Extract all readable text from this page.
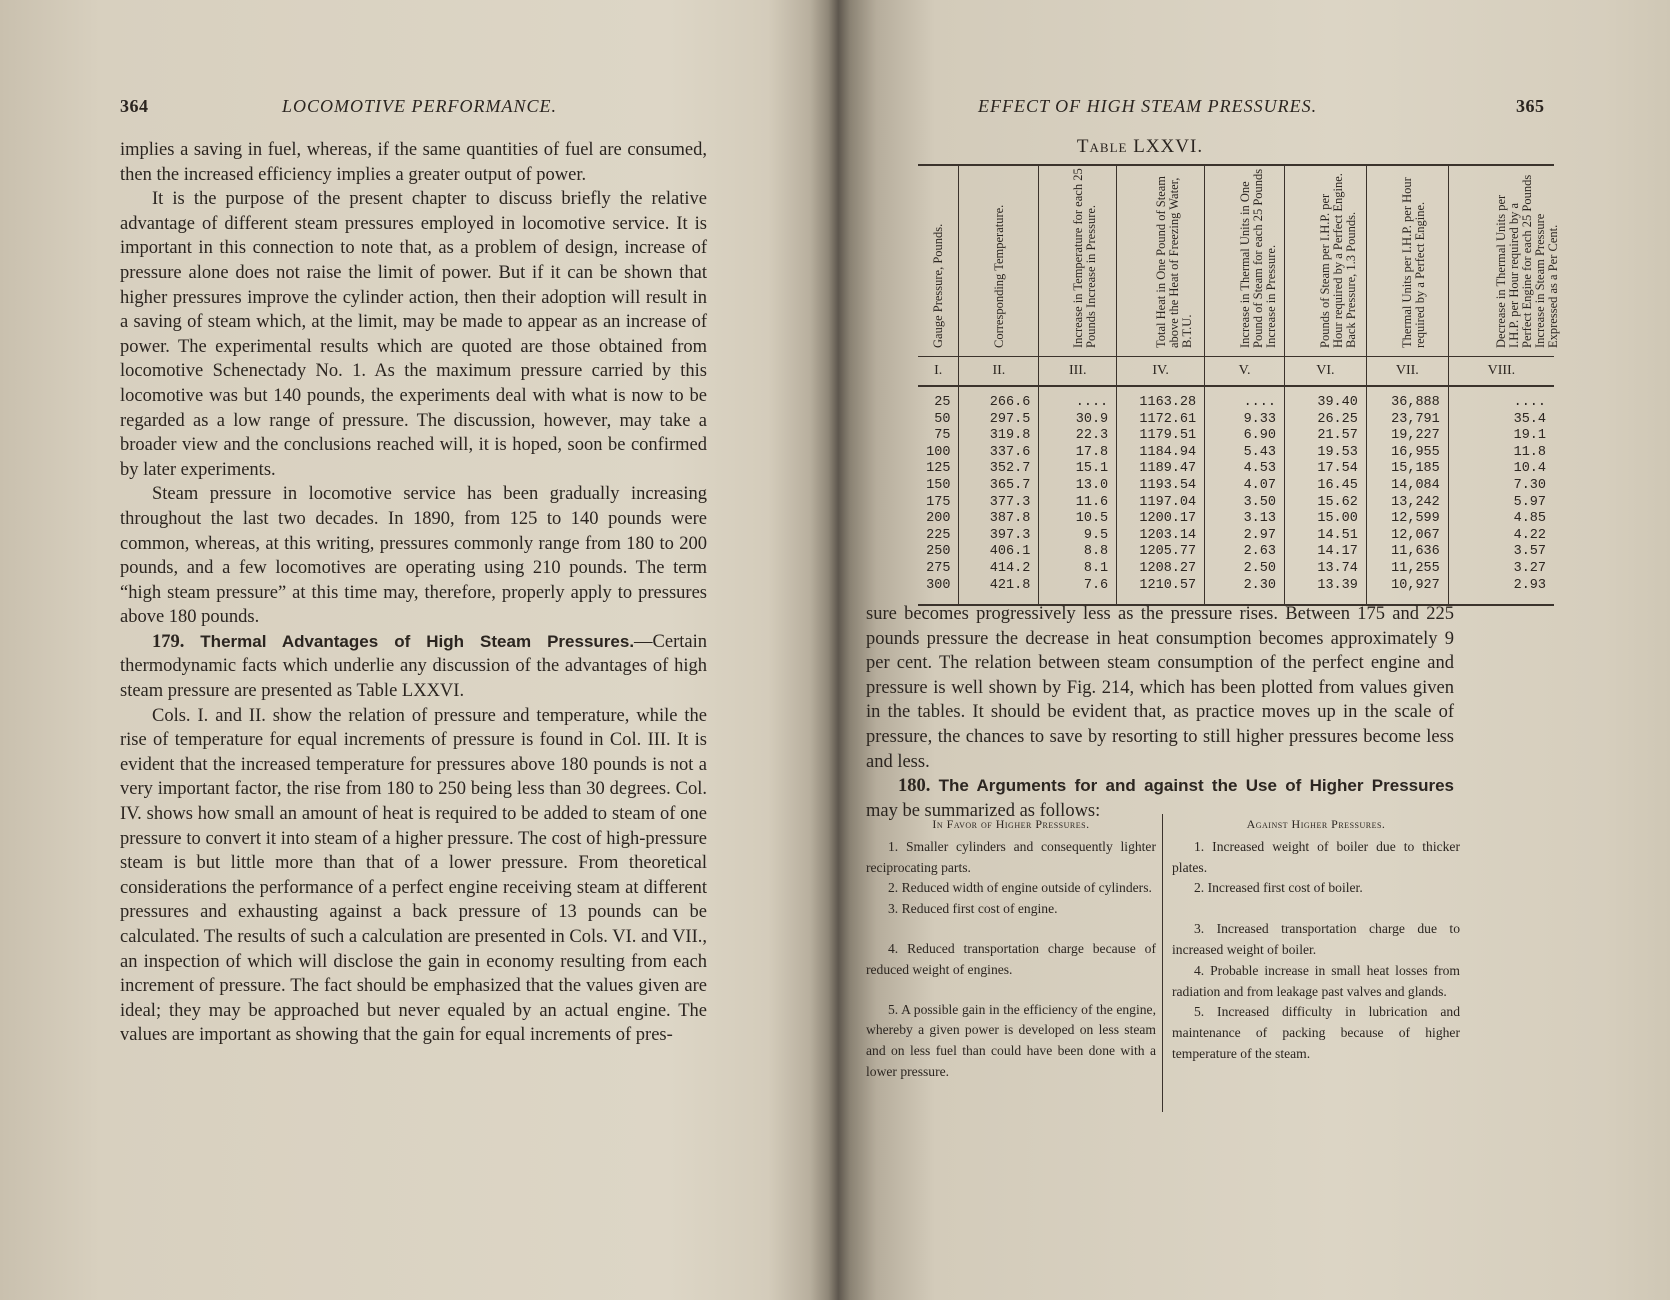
364	LOCOMOTIVE PERFORMANCE.

implies a saving in fuel, whereas, if the same quantities of fuel are consumed, then the increased efficiency implies a greater output of power.

It is the purpose of the present chapter to discuss briefly the relative advantage of different steam pressures employed in locomotive service. It is important in this connection to note that, as a problem of design, increase of pressure alone does not raise the limit of power. But if it can be shown that higher pressures improve the cylinder action, then their adoption will result in a saving of steam which, at the limit, may be made to appear as an increase of power. The experimental results which are quoted are those obtained from locomotive Schenectady No. 1. As the maximum pressure carried by this locomotive was but 140 pounds, the experiments deal with what is now to be regarded as a low range of pressure. The discussion, however, may take a broader view and the conclusions reached will, it is hoped, soon be confirmed by later experiments.

Steam pressure in locomotive service has been gradually increasing throughout the last two decades. In 1890, from 125 to 140 pounds were common, whereas, at this writing, pressures commonly range from 180 to 200 pounds, and a few locomotives are operating using 210 pounds. The term “high steam pressure” at this time may, therefore, properly apply to pressures above 180 pounds.

179. Thermal Advantages of High Steam Pressures.—Certain thermodynamic facts which underlie any discussion of the advantages of high steam pressure are presented as Table LXXVI.

Cols. I. and II. show the relation of pressure and temperature, while the rise of temperature for equal increments of pressure is found in Col. III. It is evident that the increased temperature for pressures above 180 pounds is not a very important factor, the rise from 180 to 250 being less than 30 degrees. Col. IV. shows how small an amount of heat is required to be added to steam of one pressure to convert it into steam of a higher pressure. The cost of high-pressure steam is but little more than that of a lower pressure. From theoretical considerations the performance of a perfect engine receiving steam at different pressures and exhausting against a back pressure of 13 pounds can be calculated. The results of such a calculation are presented in Cols. VI. and VII., an inspection of which will disclose the gain in economy resulting from each increment of pressure. The fact should be emphasized that the values given are ideal; they may be approached but never equaled by an actual engine. The values are important as showing that the gain for equal increments of pres-

EFFECT OF HIGH STEAM PRESSURES.	365
Table LXXVI.
Gauge Pressure, Pounds.	Corresponding Temperature.	Increase in Temperature for each 25 Pounds Increase in Pressure.	Total Heat in One Pound of Steam above the Heat of Freezing Water, B.T.U.	Increase in Thermal Units in One Pound of Steam for each 25 Pounds Increase in Pressure.	Pounds of Steam per I.H.P. per Hour required by a Perfect Engine. Back Pressure, 1.3 Pounds.	Thermal Units per I.H.P. per Hour required by a Perfect Engine.	Decrease in Thermal Units per I.H.P. per Hour required by a Perfect Engine for each 25 Pounds Increase in Steam Pressure Expressed as a Per Cent.

I.	II.	III.	IV.	V.	VI.	VII.	VIII.
25	266.6	....	1163.28	....	39.40	36,888	....
50	297.5	30.9	1172.61	9.33	26.25	23,791	35.4
75	319.8	22.3	1179.51	6.90	21.57	19,227	19.1
100	337.6	17.8	1184.94	5.43	19.53	16,955	11.8
125	352.7	15.1	1189.47	4.53	17.54	15,185	10.4
150	365.7	13.0	1193.54	4.07	16.45	14,084	7.30
175	377.3	11.6	1197.04	3.50	15.62	13,242	5.97
200	387.8	10.5	1200.17	3.13	15.00	12,599	4.85
225	397.3	9.5	1203.14	2.97	14.51	12,067	4.22
250	406.1	8.8	1205.77	2.63	14.17	11,636	3.57
275	414.2	8.1	1208.27	2.50	13.74	11,255	3.27
300	421.8	7.6	1210.57	2.30	13.39	10,927	2.93

sure becomes progressively less as the pressure rises. Between 175 and 225 pounds pressure the decrease in heat consumption becomes approximately 9 per cent. The relation between steam consumption of the perfect engine and pressure is well shown by Fig. 214, which has been plotted from values given in the tables. It should be evident that, as practice moves up in the scale of pressure, the chances to save by resorting to still higher pressures become less and less.

180. The Arguments for and against the Use of Higher Pressures may be summarized as follows:

In Favor of Higher Pressures.

1. Smaller cylinders and consequently lighter reciprocating parts.

2. Reduced width of engine outside of cylinders.

3. Reduced first cost of engine.

4. Reduced transportation charge because of reduced weight of engines.

5. A possible gain in the efficiency of the engine, whereby a given power is developed on less steam and on less fuel than could have been done with a lower pressure.

Against Higher Pressures.

1. Increased weight of boiler due to thicker plates.

2. Increased first cost of boiler.

3. Increased transportation charge due to increased weight of boiler.

4. Probable increase in small heat losses from radiation and from leakage past valves and glands.

5. Increased difficulty in lubrication and maintenance of packing because of higher temperature of the steam.
